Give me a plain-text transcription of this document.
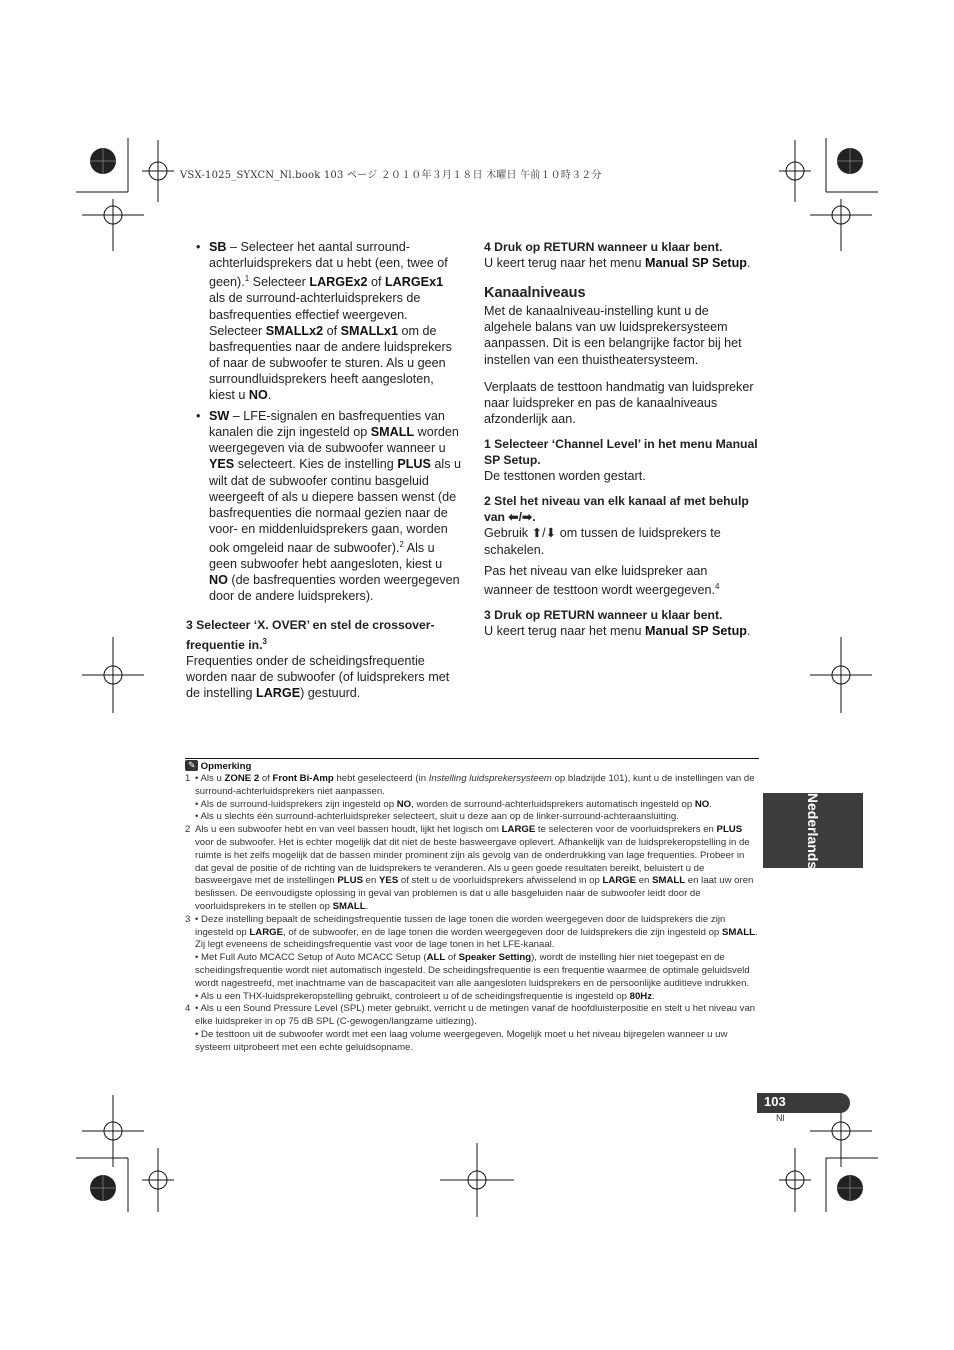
VSX-1025_SYXCN_Nl.book 103 ページ ２０１０年３月１８日 木曜日 午前１０時３２分
• SB – Selecteer het aantal surround-achterluidsprekers dat u hebt (een, twee of geen).$^1$ Selecteer LARGEx2 of LARGEx1 als de surround-achterluidsprekers de basfrequenties effectief weergeven. Selecteer SMALLx2 of SMALLx1 om de basfrequenties naar de andere luidsprekers of naar de subwoofer te sturen. Als u geen surroundluidsprekers heeft aangesloten, kiest u NO.
• SW – LFE-signalen en basfrequenties van kanalen die zijn ingesteld op SMALL worden weergegeven via de subwoofer wanneer u YES selecteert. Kies de instelling PLUS als u wilt dat de subwoofer continu basgeluid weergeeft of als u diepere bassen wenst (de basfrequenties die normaal gezien naar de voor- en middenluidsprekers gaan, worden ook omgeleid naar de subwoofer).$^2$ Als u geen subwoofer hebt aangesloten, kiest u NO (de basfrequenties worden weergegeven door de andere luidsprekers).

3 Selecteer ‘X. OVER’ en stel de crossover-frequentie in.$^3$

Frequenties onder de scheidingsfrequentie worden naar de subwoofer (of luidsprekers met de instelling LARGE) gestuurd.

4 Druk op RETURN wanneer u klaar bent.

U keert terug naar het menu Manual SP Setup.

Kanaalniveaus

Met de kanaalniveau-instelling kunt u de algehele balans van uw luidsprekersysteem aanpassen. Dit is een belangrijke factor bij het instellen van een thuistheatersysteem.

Verplaats de testtoon handmatig van luidspreker naar luidspreker en pas de kanaalniveaus afzonderlijk aan.

1 Selecteer ‘Channel Level’ in het menu Manual SP Setup.

De testtonen worden gestart.

2 Stel het niveau van elk kanaal af met behulp van ⬅/➡.

Gebruik ⬆/⬇ om tussen de luidsprekers te schakelen.

Pas het niveau van elke luidspreker aan wanneer de testtoon wordt weergegeven.$^4$

3 Druk op RETURN wanneer u klaar bent.

U keert terug naar het menu Manual SP Setup.

✎ Opmerking
1 • Als u ZONE 2 of Front Bi-Amp hebt geselecteerd (in Instelling luidsprekersysteem op bladzijde 101), kunt u de instellingen van de surround-achterluidsprekers niet aanpassen.
• Als de surround-luidsprekers zijn ingesteld op NO, worden de surround-achterluidsprekers automatisch ingesteld op NO.
• Als u slechts één surround-achterluidspreker selecteert, sluit u deze aan op de linker-surround-achteraansluiting.
2 Als u een subwoofer hebt en van veel bassen houdt, lijkt het logisch om LARGE te selecteren voor de voorluidsprekers en PLUS voor de subwoofer. Het is echter mogelijk dat dit niet de beste basweergave oplevert. Afhankelijk van de luidsprekeropstelling in de ruimte is het zelfs mogelijk dat de bassen minder prominent zijn als gevolg van de onderdrukking van lage frequenties. Probeer in dat geval de positie of de richting van de luidsprekers te veranderen. Als u geen goede resultaten bereikt, beluistert u de basweergave met de instellingen PLUS en YES of stelt u de voorluidsprekers afwisselend in op LARGE en SMALL en laat uw oren beslissen. De eenvoudigste oplossing in geval van problemen is dat u alle basgeluiden naar de subwoofer leidt door de voorluidsprekers in te stellen op SMALL.
3 • Deze instelling bepaalt de scheidingsfrequentie tussen de lage tonen die worden weergegeven door de luidsprekers die zijn ingesteld op LARGE, of de subwoofer, en de lage tonen die worden weergegeven door de luidsprekers die zijn ingesteld op SMALL. Zij legt eveneens de scheidingsfrequentie vast voor de lage tonen in het LFE-kanaal.
• Met Full Auto MCACC Setup of Auto MCACC Setup (ALL of Speaker Setting), wordt de instelling hier niet toegepast en de scheidingsfrequentie wordt niet automatisch ingesteld. De scheidingsfrequentie is een frequentie waarmee de optimale geluidsveld wordt nagestreefd, met inachtname van de bascapaciteit van alle aangesloten luidsprekers en de persoonlijke auditieve indrukken.
• Als u een THX-luidsprekeropstelling gebruikt, controleert u of de scheidingsfrequentie is ingesteld op 80Hz.
4 • Als u een Sound Pressure Level (SPL) meter gebruikt, verricht u de metingen vanaf de hoofdluisterpositie en stelt u het niveau van elke luidspreker in op 75 dB SPL (C-gewogen/langzame uitlezing).
• De testtoon uit de subwoofer wordt met een laag volume weergegeven. Mogelijk moet u het niveau bijregelen wanneer u uw systeem uitprobeert met een echte geluidsopname.
Nederlands
103
Nl
